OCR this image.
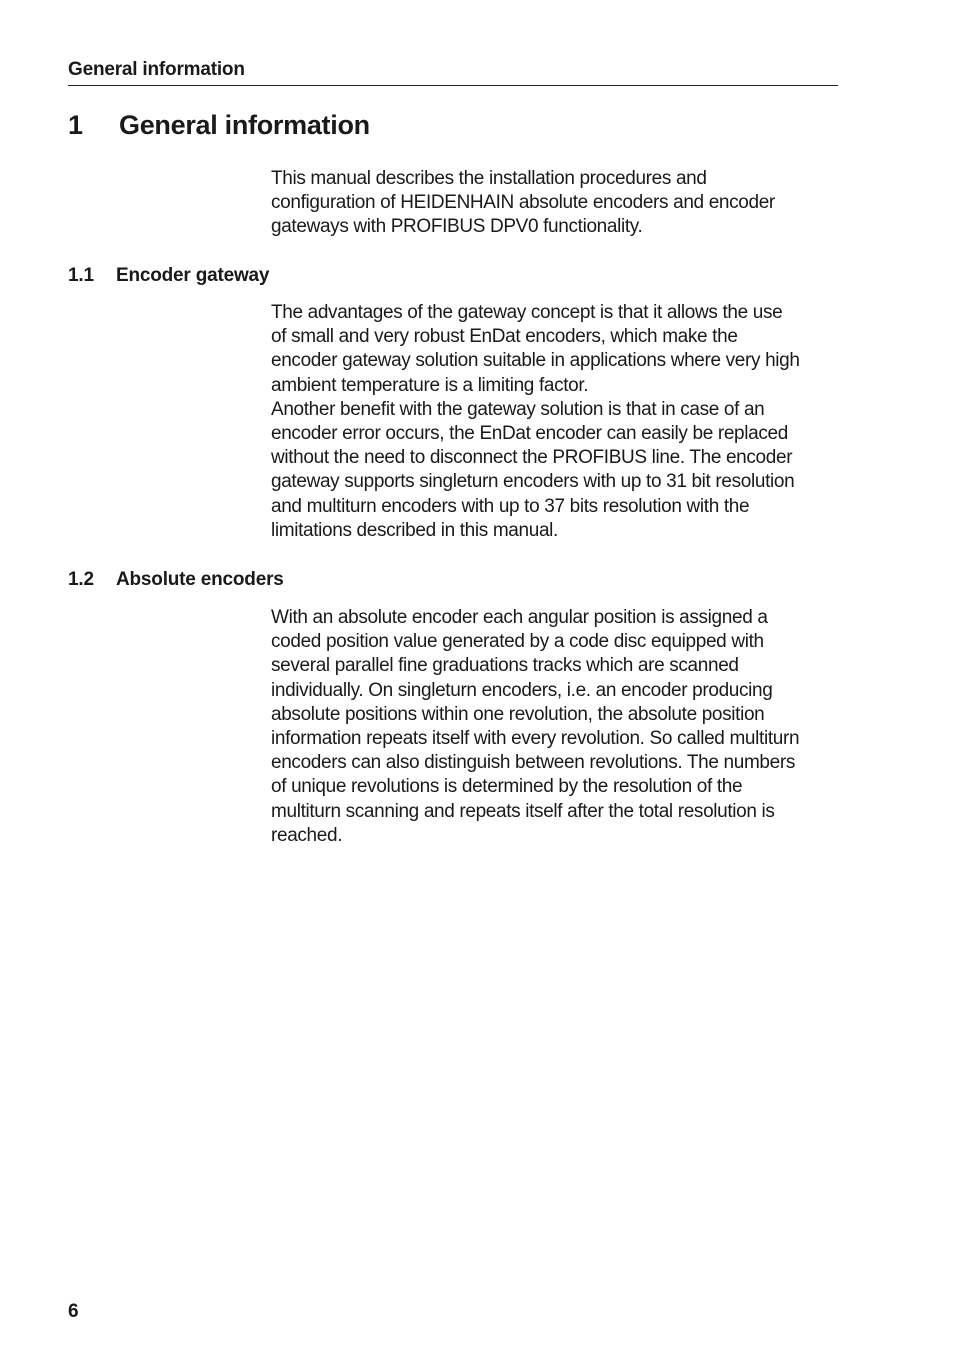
General information
1 General information

This manual describes the installation procedures and
configuration of HEIDENHAIN absolute encoders and encoder
gateways with PROFIBUS DPV0 functionality.

1.1 Encoder gateway

The advantages of the gateway concept is that it allows the use
of small and very robust EnDat encoders, which make the
encoder gateway solution suitable in applications where very high
ambient temperature is a limiting factor.
Another benefit with the gateway solution is that in case of an
encoder error occurs, the EnDat encoder can easily be replaced
without the need to disconnect the PROFIBUS line. The encoder
gateway supports singleturn encoders with up to 31 bit resolution
and multiturn encoders with up to 37 bits resolution with the
limitations described in this manual.

1.2 Absolute encoders

With an absolute encoder each angular position is assigned a
coded position value generated by a code disc equipped with
several parallel fine graduations tracks which are scanned
individually. On singleturn encoders, i.e. an encoder producing
absolute positions within one revolution, the absolute position
information repeats itself with every revolution. So called multiturn
encoders can also distinguish between revolutions. The numbers
of unique revolutions is determined by the resolution of the
multiturn scanning and repeats itself after the total resolution is
reached.

6
